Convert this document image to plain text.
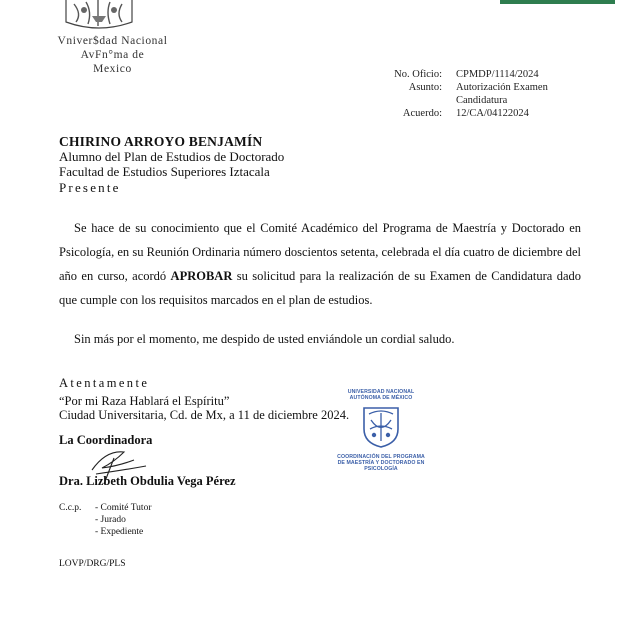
Vniver$dad Nacional
AvFn°ma de
Mexico	No. Oficio:	CPMDP/1114/2024
Asunto:	Autorización Examen Candidatura
Acuerdo:	12/CA/04122024
CHIRINO ARROYO BENJAMÍN
Alumno del Plan de Estudios de Doctorado
Facultad de Estudios Superiores Iztacala
Presente

Se hace de su conocimiento que el Comité Académico del Programa de Maestría y Doctorado en Psicología, en su Reunión Ordinaria número doscientos setenta, celebrada el día cuatro de diciembre del año en curso, acordó APROBAR su solicitud para la realización de su Examen de Candidatura dado que cumple con los requisitos marcados en el plan de estudios.

Sin más por el momento, me despido de usted enviándole un cordial saludo.
Atentamente
“Por mi Raza Hablará el Espíritu”
Ciudad Universitaria, Cd. de Mx, a 11 de diciembre 2024.
La Coordinadora
Dra. Lizbeth Obdulia Vega Pérez
C.c.p.	- Comité Tutor
- Jurado
- Expediente
LOVP/DRG/PLS
UNIVERSIDAD NACIONAL
AUTÓNOMA DE MÉXICO
COORDINACIÓN DEL PROGRAMA
DE MAESTRÍA Y DOCTORADO EN
PSICOLOGÍA
